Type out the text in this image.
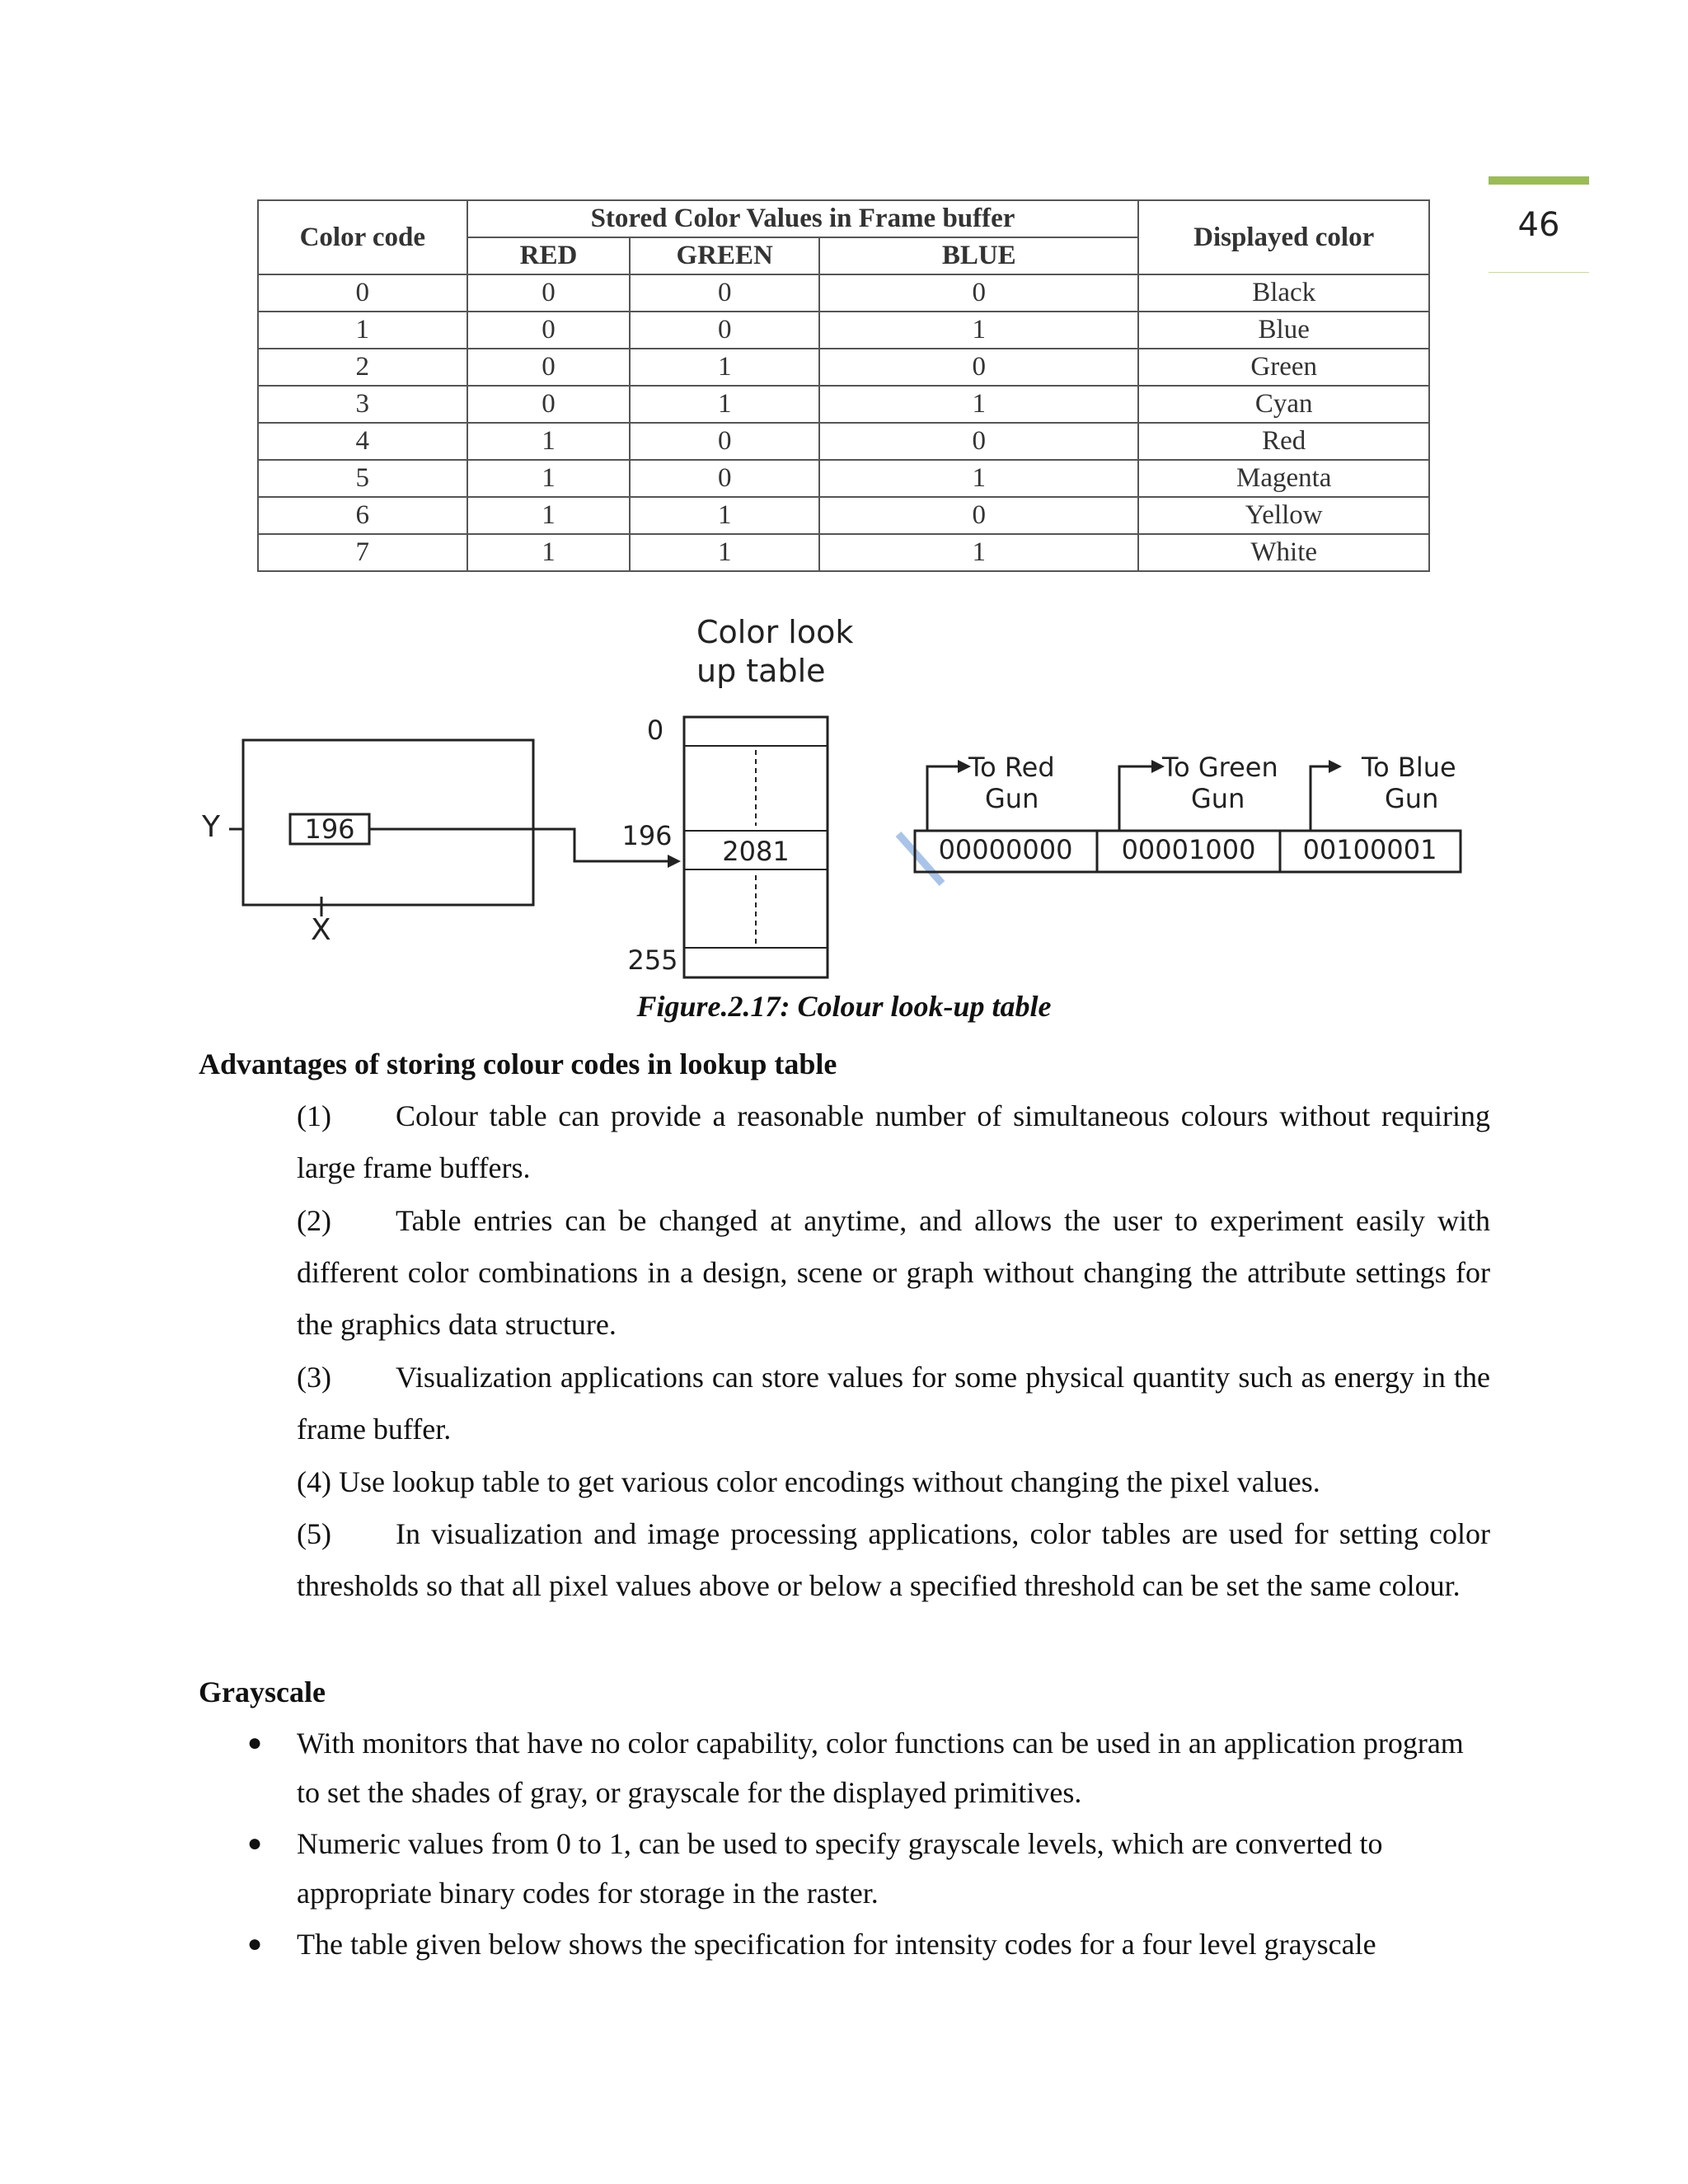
46
Color code	Stored Color Values in Frame buffer			Displayed color
	RED	GREEN	BLUE	
0	0	0	0	Black
1	0	0	1	Blue
2	0	1	0	Green
3	0	1	1	Cyan
4	1	0	0	Red
5	1	0	1	Magenta
6	1	1	0	Yellow
7	1	1	1	White
Color look
up table
Y	196
X
0
196
255
2081	00000000 00001000 00100001
To Red
Gun
To Green
Gun
To Blue
Gun
Figure.2.17: Colour look-up table
Advantages of storing colour codes in lookup table
(1) Colour table can provide a reasonable number of simultaneous colours without requiring large frame buffers.
(2) Table entries can be changed at anytime, and allows the user to experiment easily with different color combinations in a design, scene or graph without changing the attribute settings for the graphics data structure.
(3) Visualization applications can store values for some physical quantity such as energy in the frame buffer.
(4) Use lookup table to get various color encodings without changing the pixel values.
(5) In visualization and image processing applications, color tables are used for setting color thresholds so that all pixel values above or below a specified threshold can be set the same colour.
Grayscale
● With monitors that have no color capability, color functions can be used in an application program to set the shades of gray, or grayscale for the displayed primitives.
● Numeric values from 0 to 1, can be used to specify grayscale levels, which are converted to appropriate binary codes for storage in the raster.
● The table given below shows the specification for intensity codes for a four level grayscale
